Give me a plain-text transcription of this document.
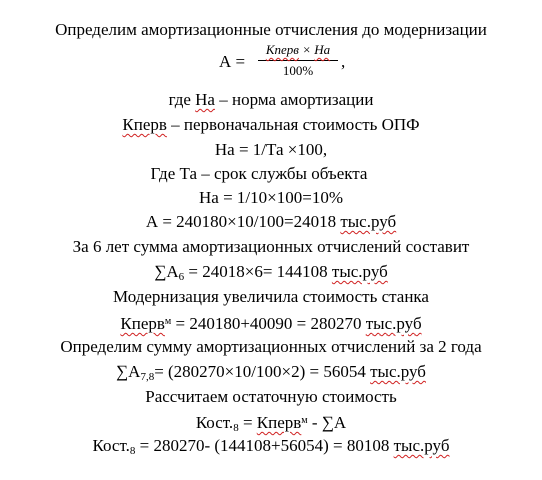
Определим амортизационные отчисления до модернизации
А =
Кперв × На
100%	,
где На – норма амортизации
Кперв – первоначальная стоимость ОПФ
На = 1/Та ×100,
Где Та – срок службы объекта
На = 1/10×100=10%
А = 240180×10/100=24018 тыс.руб
За 6 лет сумма амортизационных отчислений составит
$\sum А_6 = 24018\times 6= 144108$ тыс.руб
Модернизация увеличила стоимость станка
Кперв$^м$ = 240180+40090 = 280270 тыс.руб
Определим сумму амортизационных отчислений за 2 года
$\sum А_{7,8}= (280270\times 10/100\times 2) = 56054$ тыс.руб
Рассчитаем остаточную стоимость
$Кост._8$ = Кперв$^м$ - ∑А
$Кост._8 = 280270-$ (144108+56054) = 80108 тыс.руб
